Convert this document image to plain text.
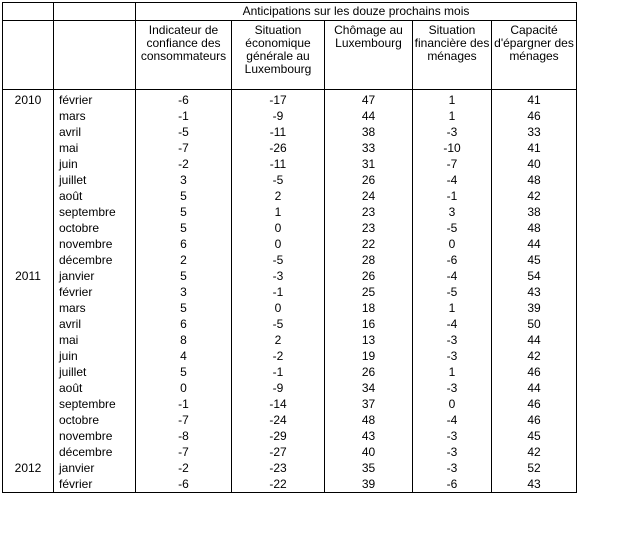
		Anticipations sur les douze prochains mois				
		Indicateur de confiance des consommateurs	Situation économique générale au Luxembourg	Chômage au Luxembourg	Situation financière des ménages	Capacité d'épargner des ménages
2010	février	-6	-17	47	1	41
	mars	-1	-9	44	1	46
	avril	-5	-11	38	-3	33
	mai	-7	-26	33	-10	41
	juin	-2	-11	31	-7	40
	juillet	3	-5	26	-4	48
	août	5	2	24	-1	42
	septembre	5	1	23	3	38
	octobre	5	0	23	-5	48
	novembre	6	0	22	0	44
	décembre	2	-5	28	-6	45
2011	janvier	5	-3	26	-4	54
	février	3	-1	25	-5	43
	mars	5	0	18	1	39
	avril	6	-5	16	-4	50
	mai	8	2	13	-3	44
	juin	4	-2	19	-3	42
	juillet	5	-1	26	1	46
	août	0	-9	34	-3	44
	septembre	-1	-14	37	0	46
	octobre	-7	-24	48	-4	46
	novembre	-8	-29	43	-3	45
	décembre	-7	-27	40	-3	42
2012	janvier	-2	-23	35	-3	52
	février	-6	-22	39	-6	43
